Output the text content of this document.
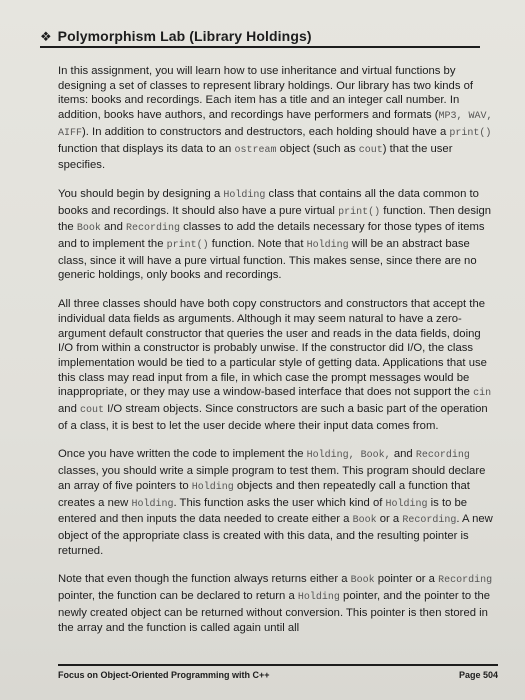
❖ Polymorphism Lab (Library Holdings)

In this assignment, you will learn how to use inheritance and virtual functions by designing a set of classes to represent library holdings. Our library has two kinds of items: books and recordings. Each item has a title and an integer call number. In addition, books have authors, and recordings have performers and formats (MP3, WAV, AIFF). In addition to constructors and destructors, each holding should have a print() function that displays its data to an ostream object (such as cout) that the user specifies.

You should begin by designing a Holding class that contains all the data common to books and recordings. It should also have a pure virtual print() function. Then design the Book and Recording classes to add the details necessary for those types of items and to implement the print() function. Note that Holding will be an abstract base class, since it will have a pure virtual function. This makes sense, since there are no generic holdings, only books and recordings.

All three classes should have both copy constructors and constructors that accept the individual data fields as arguments. Although it may seem natural to have a zero-argument default constructor that queries the user and reads in the data fields, doing I/O from within a constructor is probably unwise. If the constructor did I/O, the class implementation would be tied to a particular style of getting data. Applications that use this class may read input from a file, in which case the prompt messages would be inappropriate, or they may use a window-based interface that does not support the cin and cout I/O stream objects. Since constructors are such a basic part of the operation of a class, it is best to let the user decide where their input data comes from.

Once you have written the code to implement the Holding, Book, and Recording classes, you should write a simple program to test them. This program should declare an array of five pointers to Holding objects and then repeatedly call a function that creates a new Holding. This function asks the user which kind of Holding is to be entered and then inputs the data needed to create either a Book or a Recording. A new object of the appropriate class is created with this data, and the resulting pointer is returned.

Note that even though the function always returns either a Book pointer or a Recording pointer, the function can be declared to return a Holding pointer, and the pointer to the newly created object can be returned without conversion. This pointer is then stored in the array and the function is called again until all

Focus on Object-Oriented Programming with C++	Page 504
